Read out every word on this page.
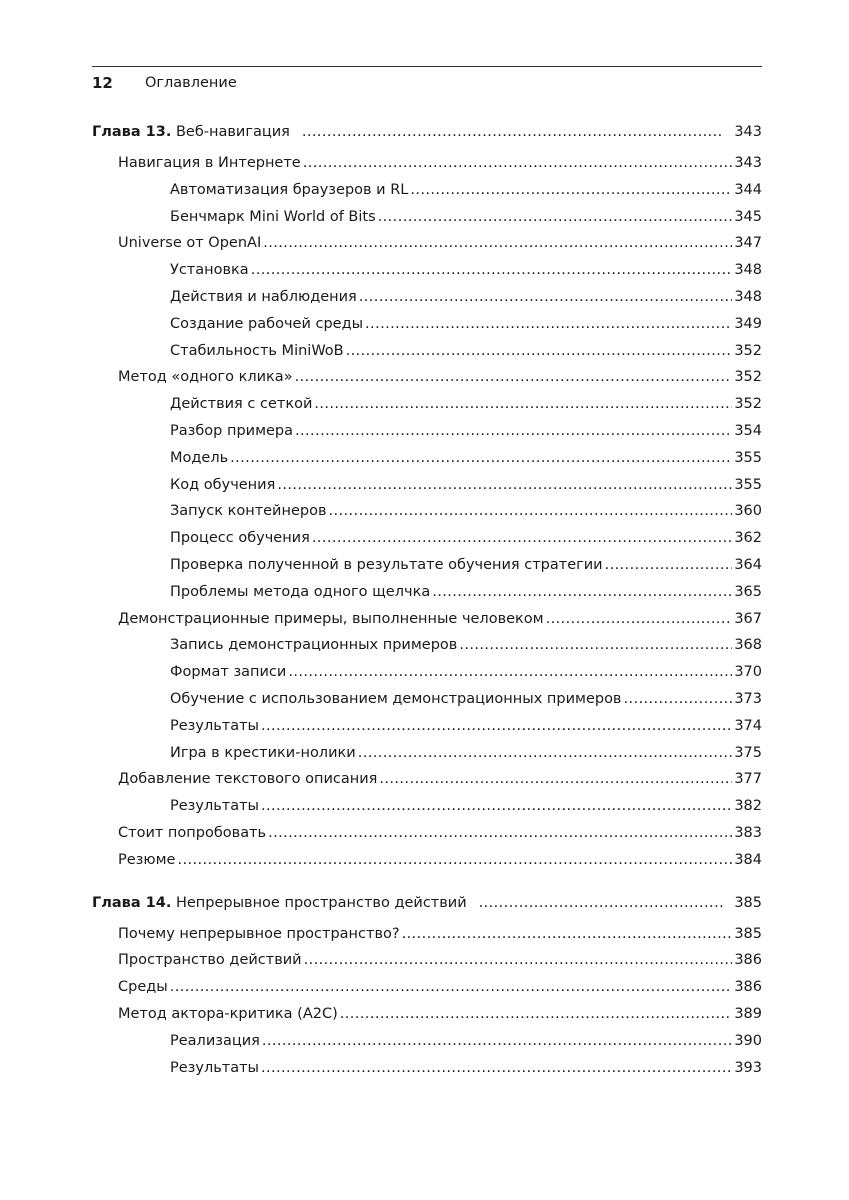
12 Оглавление
Глава 13. Веб-навигация .....	343
Навигация в Интернете .....	343
Автоматизация браузеров и RL .....	344
Бенчмарк Mini World of Bits .....	345
Universe от OpenAI .....	347
Установка .....	348
Действия и наблюдения .....	348
Создание рабочей среды .....	349
Стабильность MiniWoB .....	352
Метод «одного клика» .....	352
Действия с сеткой .....	352
Разбор примера .....	354
Модель .....	355
Код обучения .....	355
Запуск контейнеров .....	360
Процесс обучения .....	362
Проверка полученной в результате обучения стратегии .....	364
Проблемы метода одного щелчка .....	365
Демонстрационные примеры, выполненные человеком .....	367
Запись демонстрационных примеров .....	368
Формат записи .....	370
Обучение с использованием демонстрационных примеров .....	373
Результаты .....	374
Игра в крестики-нолики .....	375
Добавление текстового описания .....	377
Результаты .....	382
Стоит попробовать .....	383
Резюме .....	384
Глава 14. Непрерывное пространство действий .....	385
Почему непрерывное пространство? .....	385
Пространство действий .....	386
Среды .....	386
Метод актора-критика (A2C) .....	389
Реализация .....	390
Результаты .....	393
